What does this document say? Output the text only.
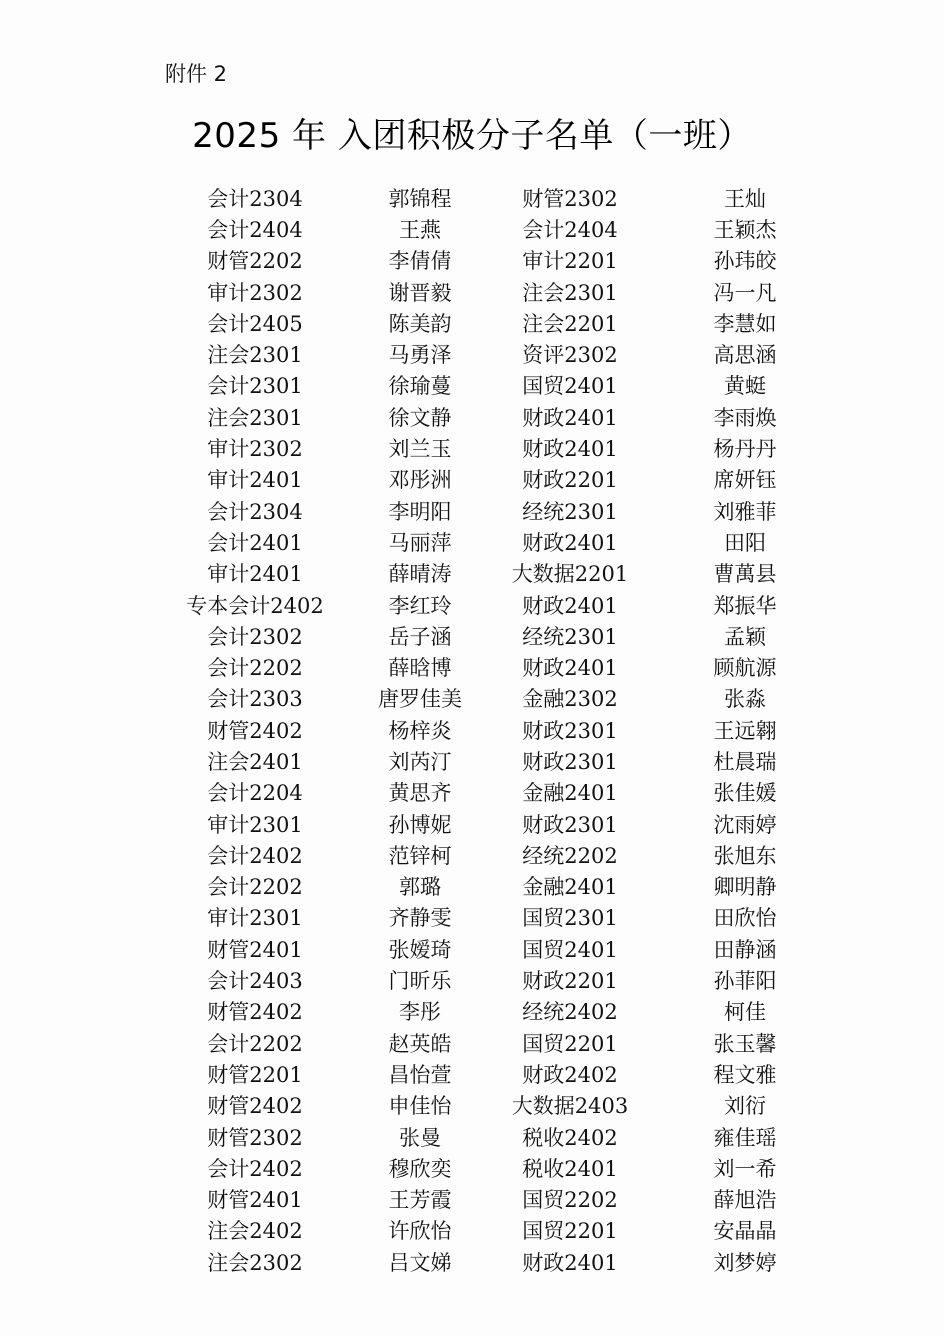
附件 2
2025 年 入团积极分子名单（一班）
会计2304	郭锦程	财管2302	王灿
会计2404	王燕	会计2404	王颖杰
财管2202	李倩倩	审计2201	孙玮皎
审计2302	谢晋毅	注会2301	冯一凡
会计2405	陈美韵	注会2201	李慧如
注会2301	马勇泽	资评2302	高思涵
会计2301	徐瑜蔓	国贸2401	黄蜓
注会2301	徐文静	财政2401	李雨焕
审计2302	刘兰玉	财政2401	杨丹丹
审计2401	邓彤洲	财政2201	席妍钰
会计2304	李明阳	经统2301	刘雅菲
会计2401	马丽萍	财政2401	田阳
审计2401	薛晴涛	大数据2201	曹萬县
专本会计2402	李红玲	财政2401	郑振华
会计2302	岳子涵	经统2301	孟颖
会计2202	薛晗博	财政2401	顾航源
会计2303	唐罗佳美	金融2302	张淼
财管2402	杨梓炎	财政2301	王远翱
注会2401	刘芮汀	财政2301	杜晨瑞
会计2204	黄思齐	金融2401	张佳媛
审计2301	孙博妮	财政2301	沈雨婷
会计2402	范锌柯	经统2202	张旭东
会计2202	郭璐	金融2401	卿明静
审计2301	齐静雯	国贸2301	田欣怡
财管2401	张嫒琦	国贸2401	田静涵
会计2403	门昕乐	财政2201	孙菲阳
财管2402	李彤	经统2402	柯佳
会计2202	赵英皓	国贸2201	张玉馨
财管2201	昌怡萱	财政2402	程文雅
财管2402	申佳怡	大数据2403	刘衍
财管2302	张曼	税收2402	雍佳瑶
会计2402	穆欣奕	税收2401	刘一希
财管2401	王芳霞	国贸2202	薛旭浩
注会2402	许欣怡	国贸2201	安晶晶
注会2302	吕文娣	财政2401	刘梦婷
